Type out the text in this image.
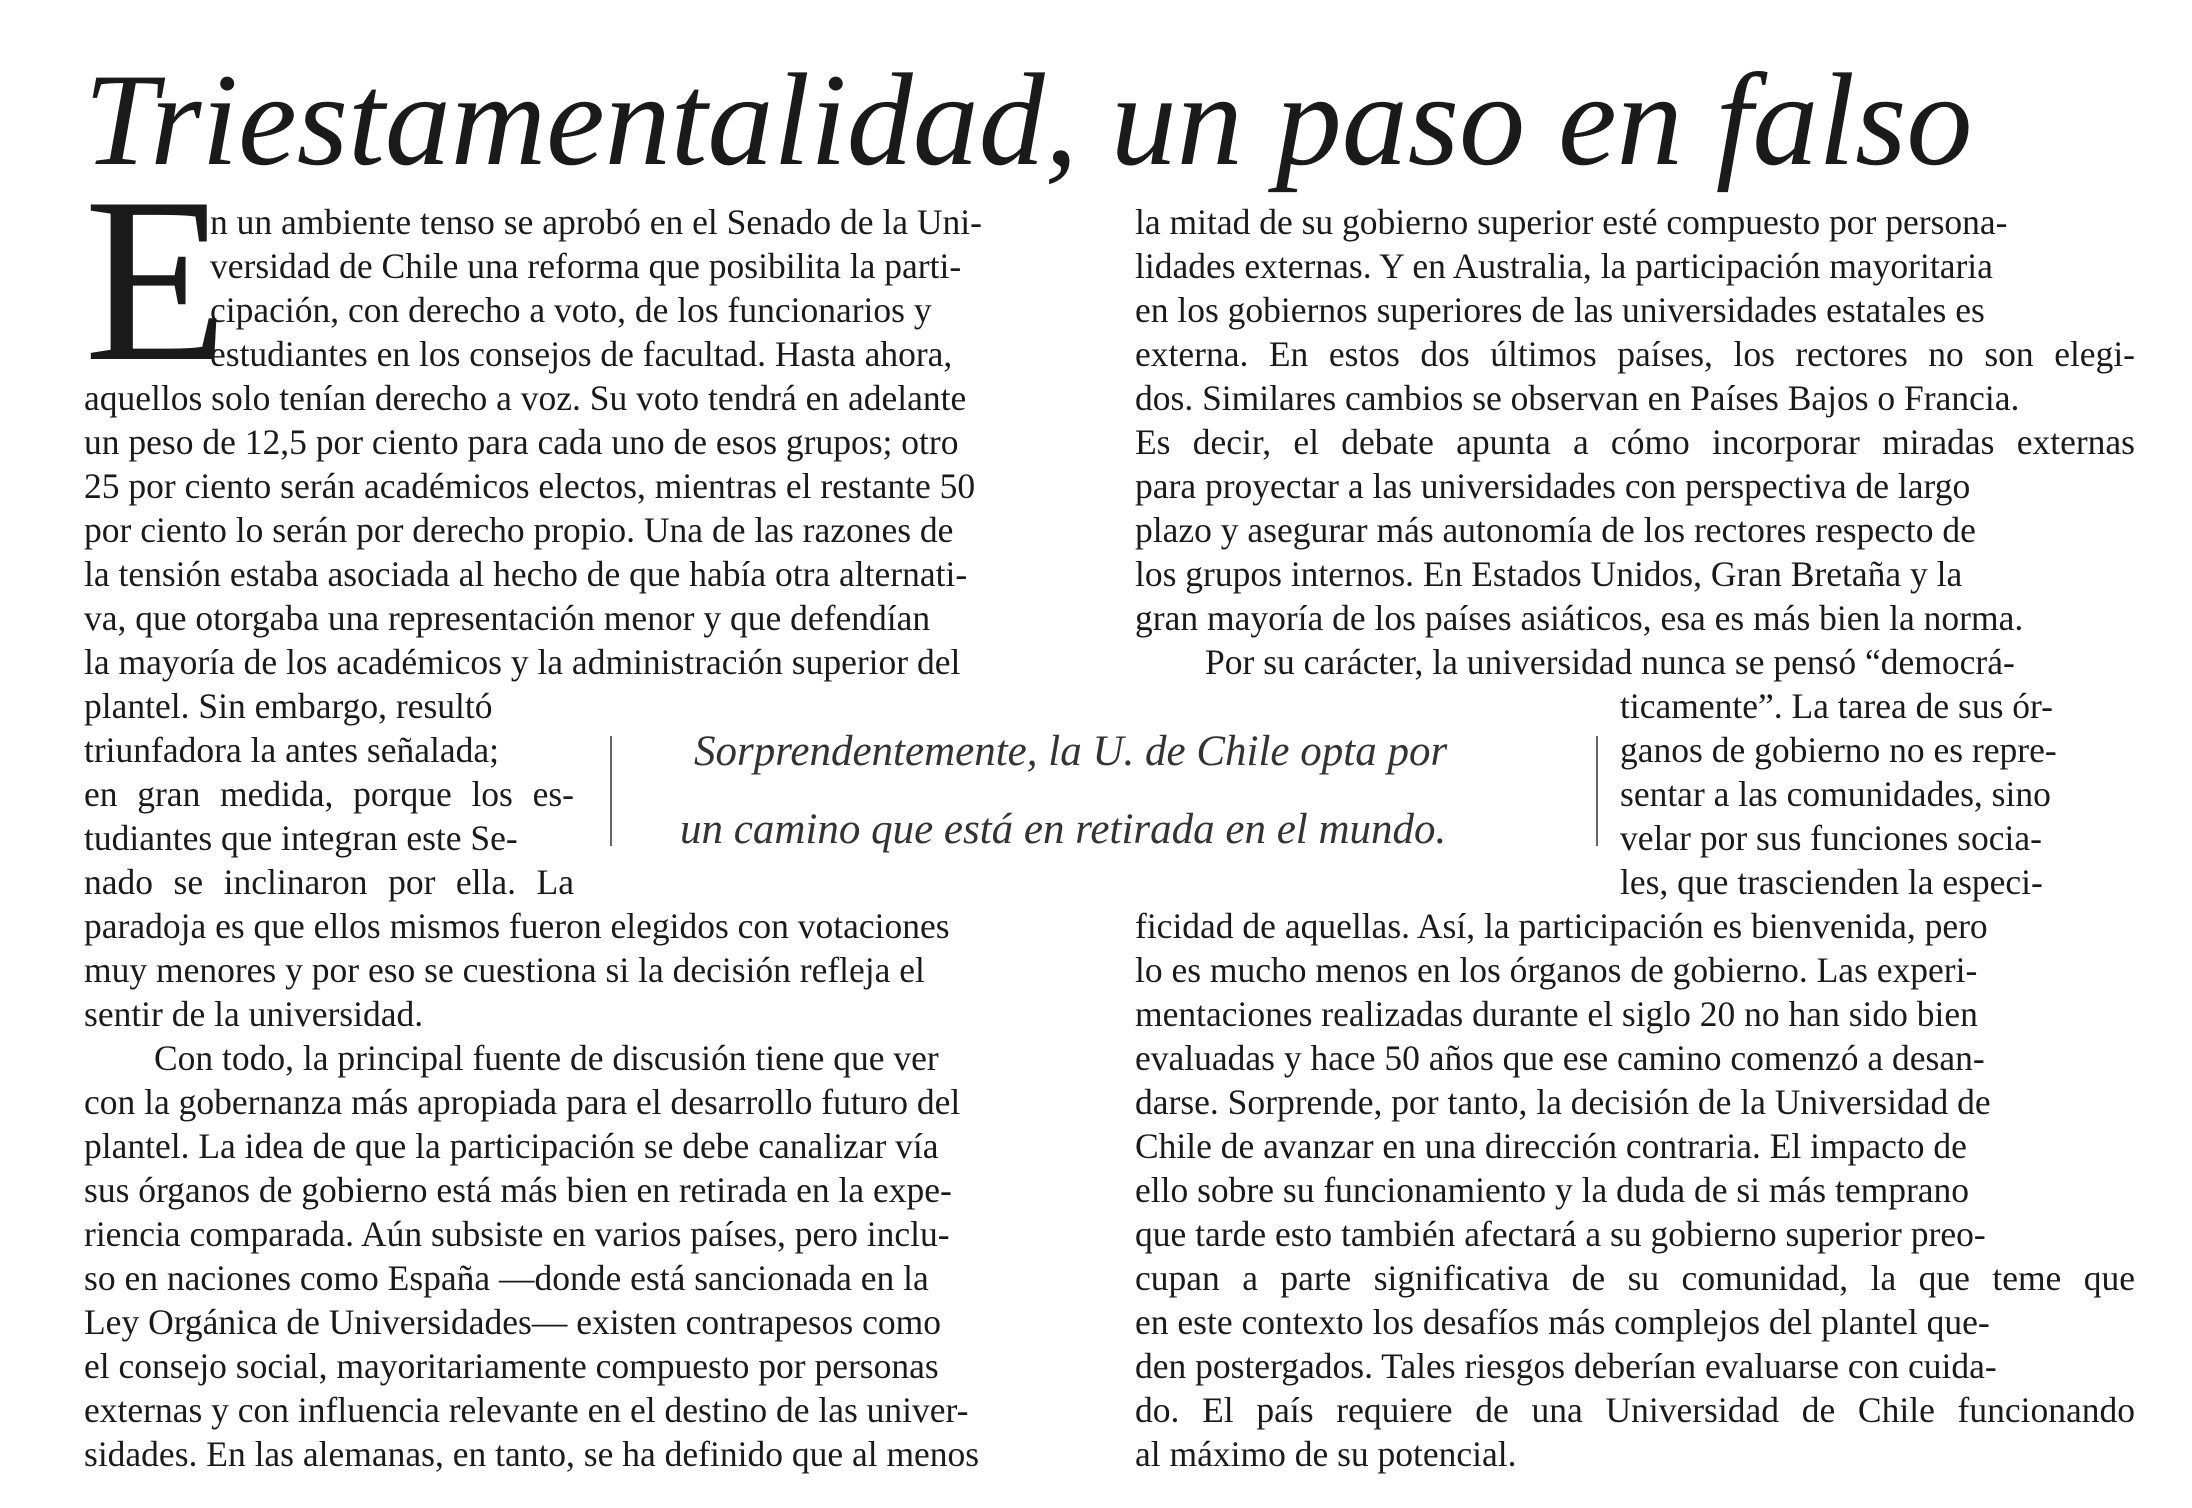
Triestamentalidad, un paso en falso
E
Sorprendentemente, la U. de Chile opta por
un camino que está en retirada en el mundo.
n un ambiente tenso se aprobó en el Senado de la Uni-
versidad de Chile una reforma que posibilita la parti-
cipación, con derecho a voto, de los funcionarios y
estudiantes en los consejos de facultad. Hasta ahora,
aquellos solo tenían derecho a voz. Su voto tendrá en adelante
un peso de 12,5 por ciento para cada uno de esos grupos; otro
25 por ciento serán académicos electos, mientras el restante 50
por ciento lo serán por derecho propio. Una de las razones de
la tensión estaba asociada al hecho de que había otra alternati-
va, que otorgaba una representación menor y que defendían
la mayoría de los académicos y la administración superior del
plantel. Sin embargo, resultó
triunfadora la antes señalada;
en gran medida, porque los es-
tudiantes que integran este Se-
nado se inclinaron por ella. La
paradoja es que ellos mismos fueron elegidos con votaciones
muy menores y por eso se cuestiona si la decisión refleja el
sentir de la universidad.
Con todo, la principal fuente de discusión tiene que ver
con la gobernanza más apropiada para el desarrollo futuro del
plantel. La idea de que la participación se debe canalizar vía
sus órganos de gobierno está más bien en retirada en la expe-
riencia comparada. Aún subsiste en varios países, pero inclu-
so en naciones como España —donde está sancionada en la
Ley Orgánica de Universidades— existen contrapesos como
el consejo social, mayoritariamente compuesto por personas
externas y con influencia relevante en el destino de las univer-
sidades. En las alemanas, en tanto, se ha definido que al menos
la mitad de su gobierno superior esté compuesto por persona-
lidades externas. Y en Australia, la participación mayoritaria
en los gobiernos superiores de las universidades estatales es
externa. En estos dos últimos países, los rectores no son elegi-
dos. Similares cambios se observan en Países Bajos o Francia.
Es decir, el debate apunta a cómo incorporar miradas externas
para proyectar a las universidades con perspectiva de largo
plazo y asegurar más autonomía de los rectores respecto de
los grupos internos. En Estados Unidos, Gran Bretaña y la
gran mayoría de los países asiáticos, esa es más bien la norma.
Por su carácter, la universidad nunca se pensó “democrá-
ticamente”. La tarea de sus ór-
ganos de gobierno no es repre-
sentar a las comunidades, sino
velar por sus funciones socia-
les, que trascienden la especi-
ficidad de aquellas. Así, la participación es bienvenida, pero
lo es mucho menos en los órganos de gobierno. Las experi-
mentaciones realizadas durante el siglo 20 no han sido bien
evaluadas y hace 50 años que ese camino comenzó a desan-
darse. Sorprende, por tanto, la decisión de la Universidad de
Chile de avanzar en una dirección contraria. El impacto de
ello sobre su funcionamiento y la duda de si más temprano
que tarde esto también afectará a su gobierno superior preo-
cupan a parte significativa de su comunidad, la que teme que
en este contexto los desafíos más complejos del plantel que-
den postergados. Tales riesgos deberían evaluarse con cuida-
do. El país requiere de una Universidad de Chile funcionando
al máximo de su potencial.
